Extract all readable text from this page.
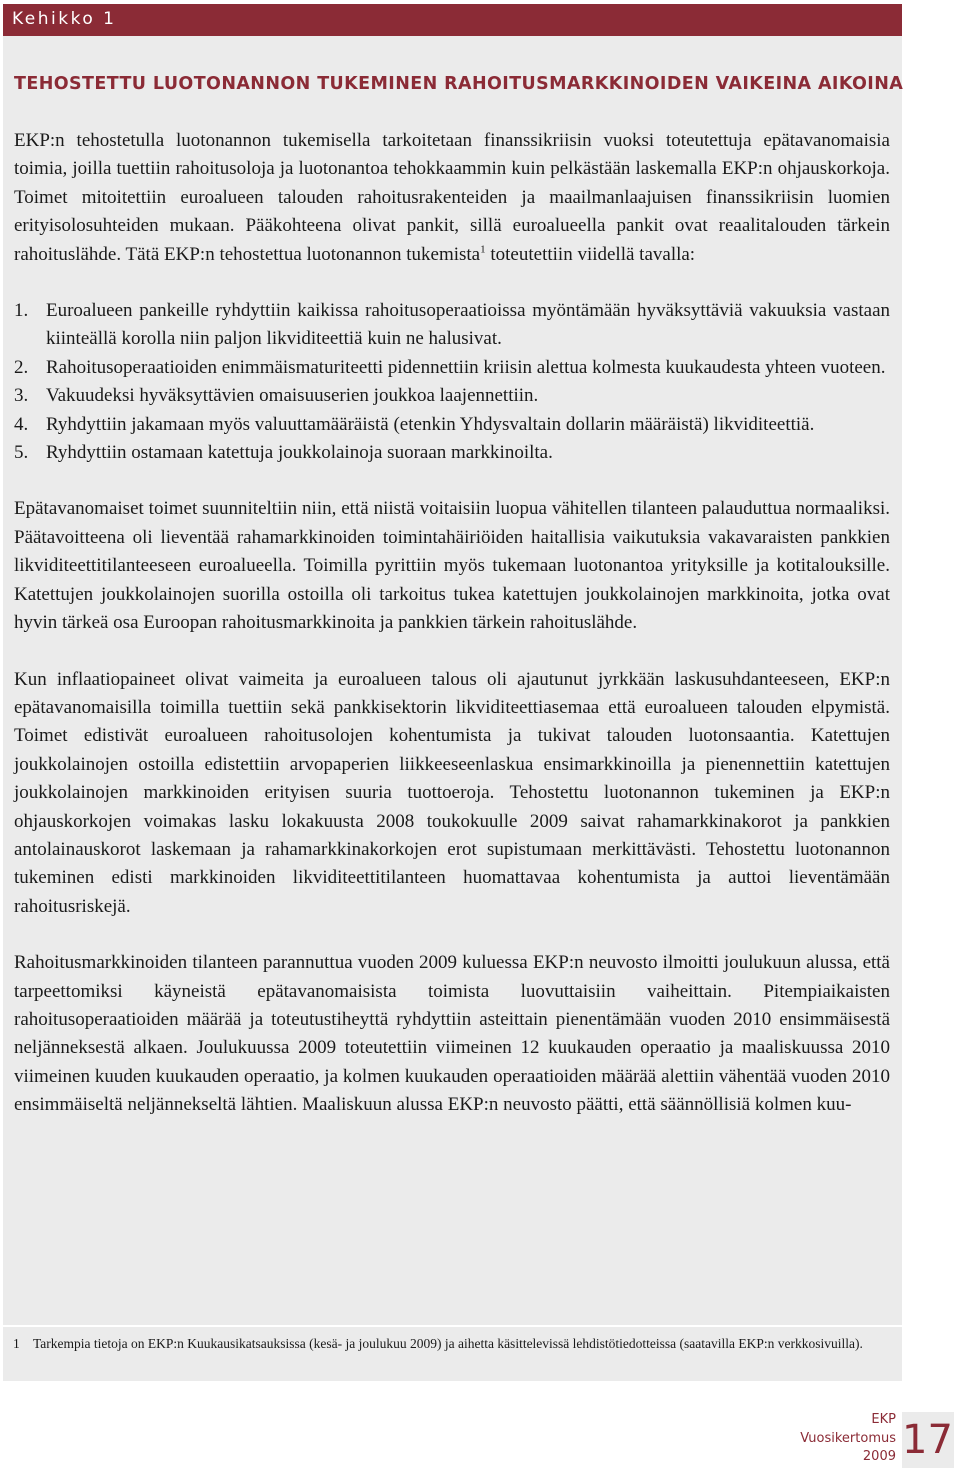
Kehikko 1
TEHOSTETTU LUOTONANNON TUKEMINEN RAHOITUSMARKKINOIDEN VAIKEINA AIKOINA

EKP:n tehostetulla luotonannon tukemisella tarkoitetaan finanssikriisin vuoksi toteutettuja epätavanomaisia toimia, joilla tuettiin rahoitusoloja ja luotonantoa tehokkaammin kuin pelkästään laskemalla EKP:n ohjauskorkoja. Toimet mitoitettiin euroalueen talouden rahoitusrakenteiden ja maailmanlaajuisen finanssikriisin luomien erityisolosuhteiden mukaan. Pääkohteena olivat pankit, sillä euroalueella pankit ovat reaalitalouden tärkein rahoituslähde. Tätä EKP:n tehostettua luotonannon tukemista$^1$ toteutettiin viidellä tavalla:

1. Euroalueen pankeille ryhdyttiin kaikissa rahoitusoperaatioissa myöntämään hyväksyttäviä vakuuksia vastaan kiinteällä korolla niin paljon likviditeettiä kuin ne halusivat.
2. Rahoitusoperaatioiden enimmäismaturiteetti pidennettiin kriisin alettua kolmesta kuukaudesta yhteen vuoteen.
3. Vakuudeksi hyväksyttävien omaisuuserien joukkoa laajennettiin.
4. Ryhdyttiin jakamaan myös valuuttamääräistä (etenkin Yhdysvaltain dollarin määräistä) likviditeettiä.
5. Ryhdyttiin ostamaan katettuja joukkolainoja suoraan markkinoilta.

Epätavanomaiset toimet suunniteltiin niin, että niistä voitaisiin luopua vähitellen tilanteen palauduttua normaaliksi. Päätavoitteena oli lieventää rahamarkkinoiden toimintahäiriöiden haitallisia vaikutuksia vakavaraisten pankkien likviditeettitilanteeseen euroalueella. Toimilla pyrittiin myös tukemaan luotonantoa yrityksille ja kotitalouksille. Katettujen joukkolainojen suorilla ostoilla oli tarkoitus tukea katettujen joukkolainojen markkinoita, jotka ovat hyvin tärkeä osa Euroopan rahoitusmarkkinoita ja pankkien tärkein rahoituslähde.

Kun inflaatiopaineet olivat vaimeita ja euroalueen talous oli ajautunut jyrkkään laskusuhdanteeseen, EKP:n epätavanomaisilla toimilla tuettiin sekä pankkisektorin likviditeettiasemaa että euroalueen talouden elpymistä. Toimet edistivät euroalueen rahoitusolojen kohentumista ja tukivat talouden luotonsaantia. Katettujen joukkolainojen ostoilla edistettiin arvopaperien liikkeeseenlaskua ensimarkkinoilla ja pienennettiin katettujen joukkolainojen markkinoiden erityisen suuria tuottoeroja. Tehostettu luotonannon tukeminen ja EKP:n ohjauskorkojen voimakas lasku lokakuusta 2008 toukokuulle 2009 saivat rahamarkkinakorot ja pankkien antolainauskorot laskemaan ja rahamarkkinakorkojen erot supistumaan merkittävästi. Tehostettu luotonannon tukeminen edisti markkinoiden likviditeettitilanteen huomattavaa kohentumista ja auttoi lieventämään rahoitusriskejä.

Rahoitusmarkkinoiden tilanteen parannuttua vuoden 2009 kuluessa EKP:n neuvosto ilmoitti joulukuun alussa, että tarpeettomiksi käyneistä epätavanomaisista toimista luovuttaisiin vaiheittain. Pitempiaikaisten rahoitusoperaatioiden määrää ja toteutustiheyttä ryhdyttiin asteittain pienentämään vuoden 2010 ensimmäisestä neljänneksestä alkaen. Joulukuussa 2009 toteutettiin viimeinen 12 kuukauden operaatio ja maaliskuussa 2010 viimeinen kuuden kuukauden operaatio, ja kolmen kuukauden operaatioiden määrää alettiin vähentää vuoden 2010 ensimmäiseltä neljännekseltä lähtien. Maaliskuun alussa EKP:n neuvosto päätti, että säännöllisiä kolmen kuu-

1 Tarkempia tietoja on EKP:n Kuukausikatsauksissa (kesä- ja joulukuu 2009) ja aihetta käsittelevissä lehdistötiedotteissa (saatavilla EKP:n verkkosivuilla).
EKP
Vuosikertomus
2009 17
